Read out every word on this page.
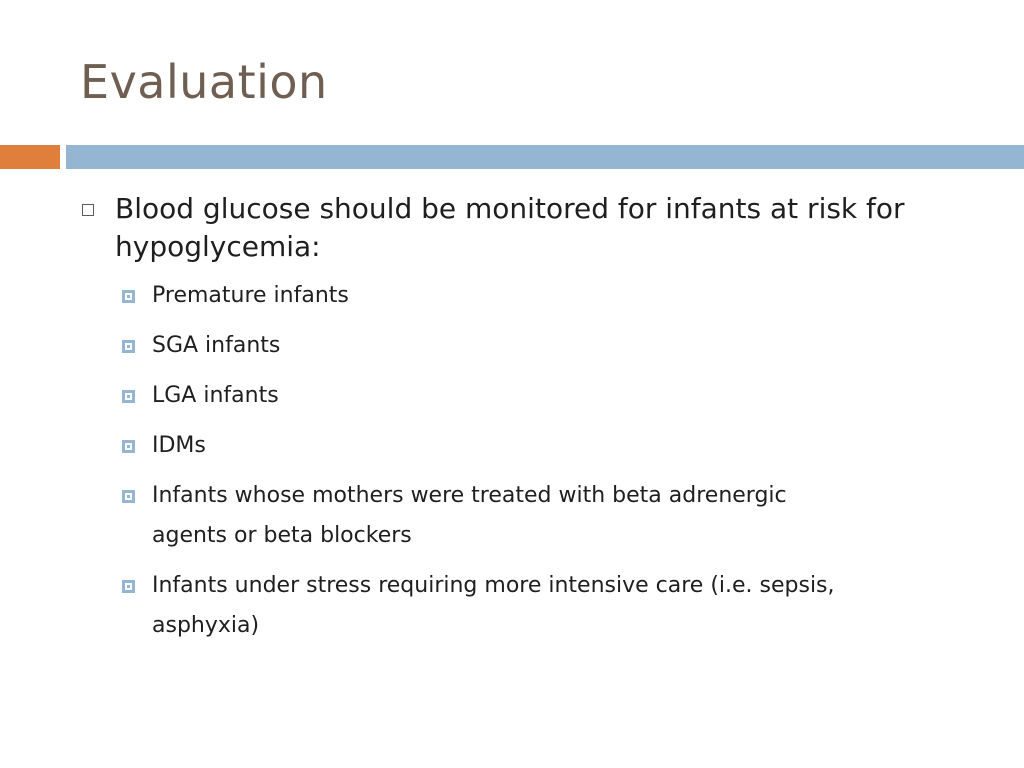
Evaluation
Blood glucose should be monitored for infants at risk for
hypoglycemia:
Premature infants
SGA infants
LGA infants
IDMs
Infants whose mothers were treated with beta adrenergic
agents or beta blockers
Infants under stress requiring more intensive care (i.e. sepsis,
asphyxia)
